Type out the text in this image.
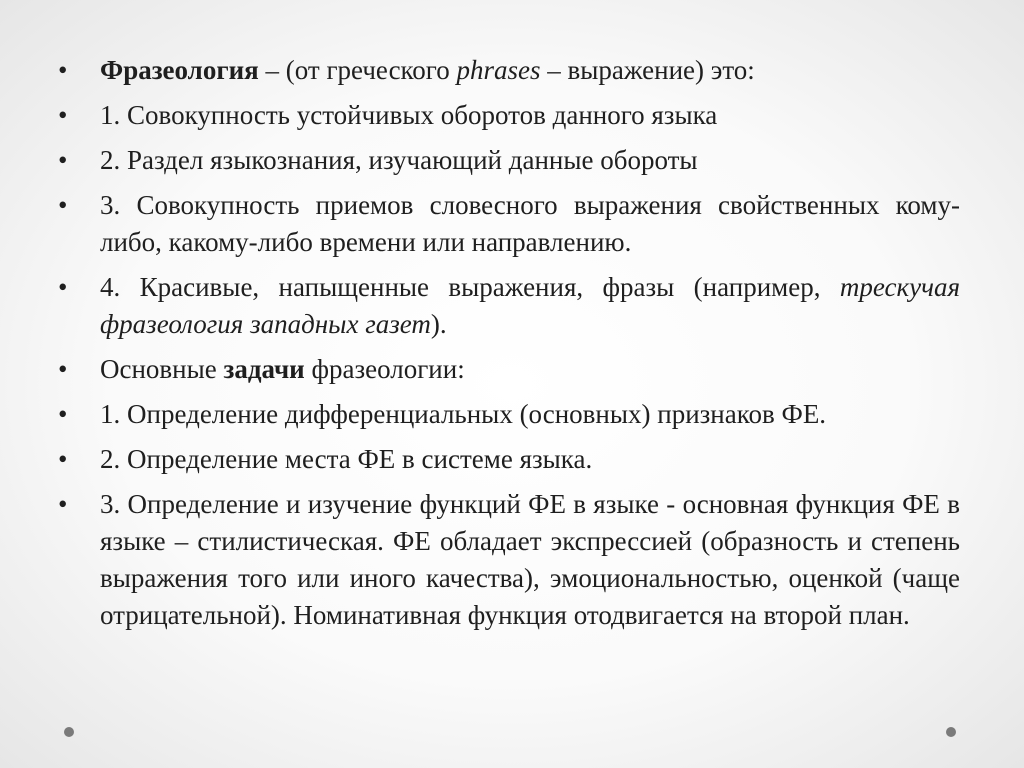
• Фразеология – (от греческого phrases – выражение) это:
• 1. Совокупность устойчивых оборотов данного языка
• 2. Раздел языкознания, изучающий данные обороты
• 3. Совокупность приемов словесного выражения свойственных кому-либо, какому-либо времени или направлению.
• 4. Красивые, напыщенные выражения, фразы (например, трескучая фразеология западных газет).
• Основные задачи фразеологии:
• 1. Определение дифференциальных (основных) признаков ФЕ.
• 2. Определение места ФЕ в системе языка.
• 3. Определение и изучение функций ФЕ в языке - основная функция ФЕ в языке – стилистическая. ФЕ обладает экспрессией (образность и степень выражения того или иного качества), эмоциональностью, оценкой (чаще отрицательной). Номинативная функция отодвигается на второй план.
